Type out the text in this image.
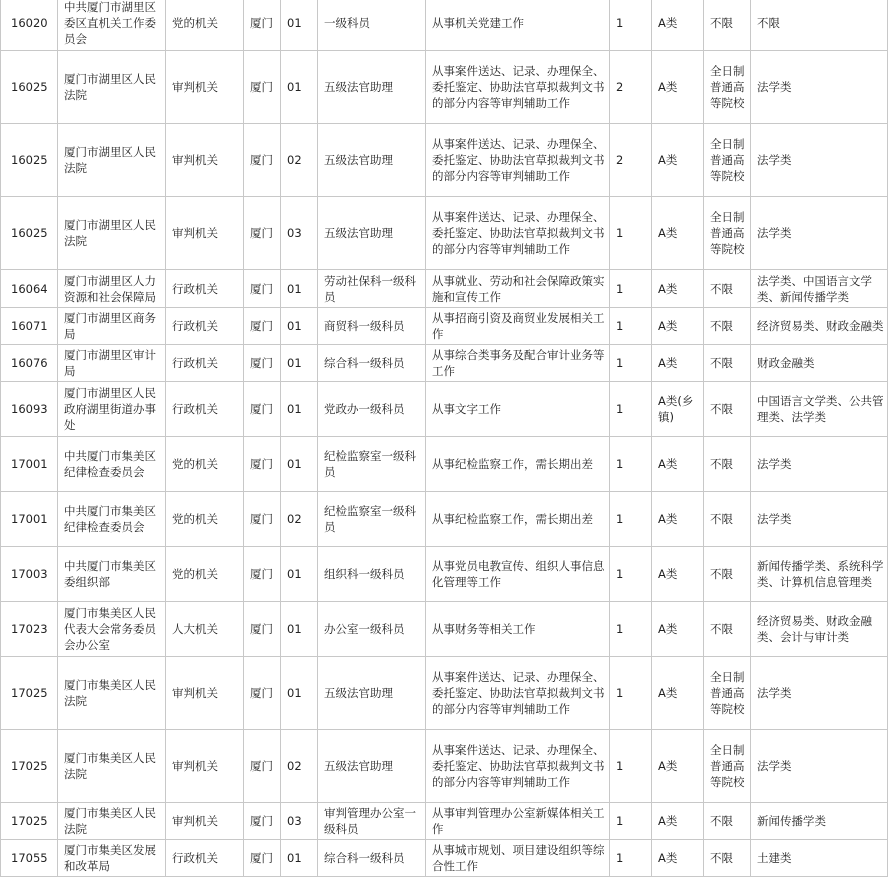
16020	中共厦门市湖里区委区直机关工作委员会	党的机关	厦门	01	一级科员	从事机关党建工作	1	A类	不限	不限
16025	厦门市湖里区人民法院	审判机关	厦门	01	五级法官助理	从事案件送达、记录、办理保全、委托鉴定、协助法官草拟裁判文书的部分内容等审判辅助工作	2	A类	全日制普通高等院校	法学类
16025	厦门市湖里区人民法院	审判机关	厦门	02	五级法官助理	从事案件送达、记录、办理保全、委托鉴定、协助法官草拟裁判文书的部分内容等审判辅助工作	2	A类	全日制普通高等院校	法学类
16025	厦门市湖里区人民法院	审判机关	厦门	03	五级法官助理	从事案件送达、记录、办理保全、委托鉴定、协助法官草拟裁判文书的部分内容等审判辅助工作	1	A类	全日制普通高等院校	法学类
16064	厦门市湖里区人力资源和社会保障局	行政机关	厦门	01	劳动社保科一级科员	从事就业、劳动和社会保障政策实施和宣传工作	1	A类	不限	法学类、中国语言文学类、新闻传播学类
16071	厦门市湖里区商务局	行政机关	厦门	01	商贸科一级科员	从事招商引资及商贸业发展相关工作	1	A类	不限	经济贸易类、财政金融类
16076	厦门市湖里区审计局	行政机关	厦门	01	综合科一级科员	从事综合类事务及配合审计业务等工作	1	A类	不限	财政金融类
16093	厦门市湖里区人民政府湖里街道办事处	行政机关	厦门	01	党政办一级科员	从事文字工作	1	A类(乡镇)	不限	中国语言文学类、公共管理类、法学类
17001	中共厦门市集美区纪律检查委员会	党的机关	厦门	01	纪检监察室一级科员	从事纪检监察工作，需长期出差	1	A类	不限	法学类
17001	中共厦门市集美区纪律检查委员会	党的机关	厦门	02	纪检监察室一级科员	从事纪检监察工作，需长期出差	1	A类	不限	法学类
17003	中共厦门市集美区委组织部	党的机关	厦门	01	组织科一级科员	从事党员电教宣传、组织人事信息化管理等工作	1	A类	不限	新闻传播学类、系统科学类、计算机信息管理类
17023	厦门市集美区人民代表大会常务委员会办公室	人大机关	厦门	01	办公室一级科员	从事财务等相关工作	1	A类	不限	经济贸易类、财政金融类、会计与审计类
17025	厦门市集美区人民法院	审判机关	厦门	01	五级法官助理	从事案件送达、记录、办理保全、委托鉴定、协助法官草拟裁判文书的部分内容等审判辅助工作	1	A类	全日制普通高等院校	法学类
17025	厦门市集美区人民法院	审判机关	厦门	02	五级法官助理	从事案件送达、记录、办理保全、委托鉴定、协助法官草拟裁判文书的部分内容等审判辅助工作	1	A类	全日制普通高等院校	法学类
17025	厦门市集美区人民法院	审判机关	厦门	03	审判管理办公室一级科员	从事审判管理办公室新媒体相关工作	1	A类	不限	新闻传播学类
17055	厦门市集美区发展和改革局	行政机关	厦门	01	综合科一级科员	从事城市规划、项目建设组织等综合性工作	1	A类	不限	土建类
